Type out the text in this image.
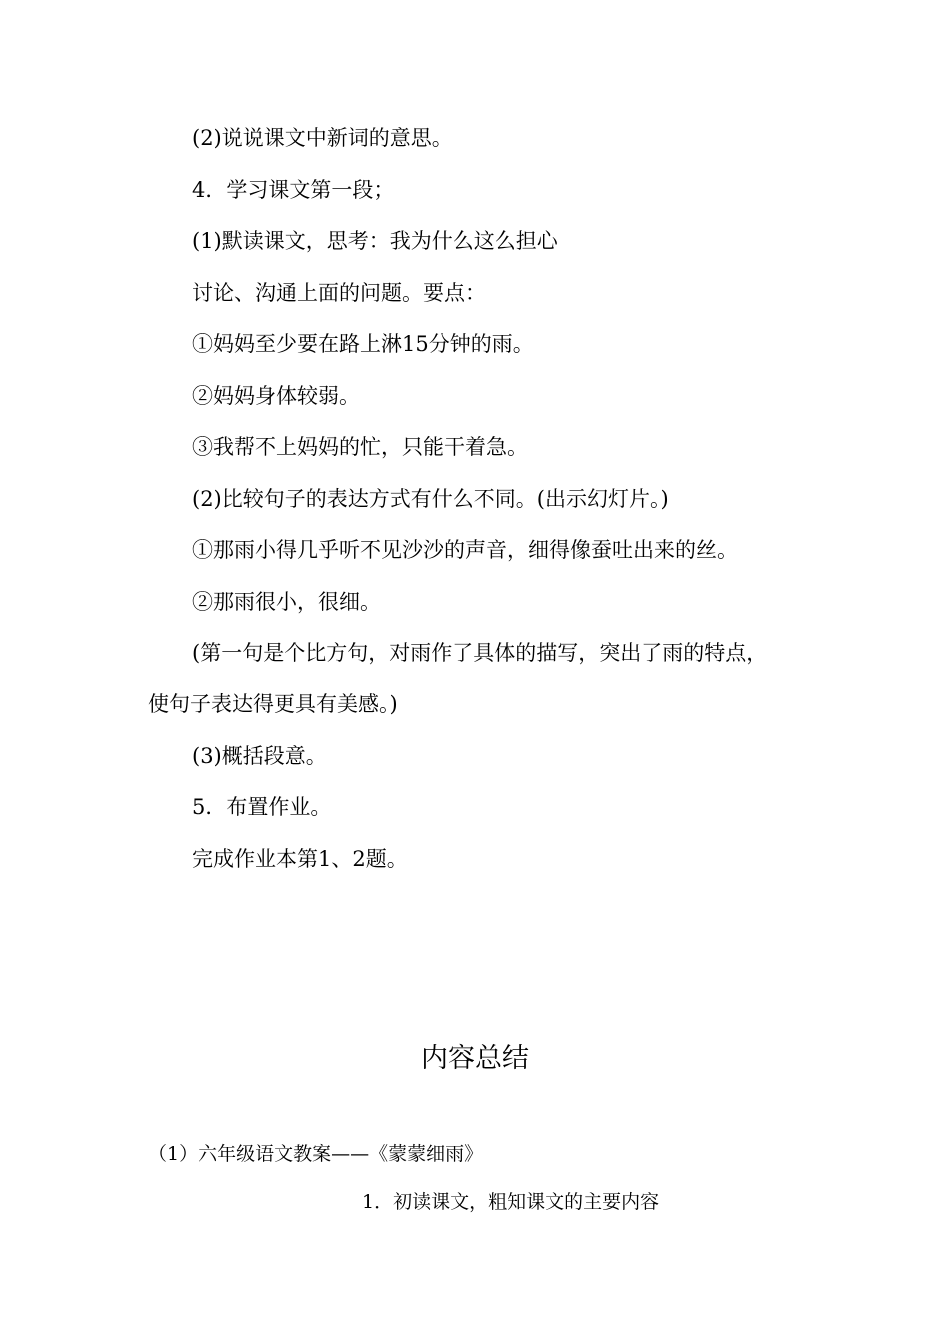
(2)说说课文中新词的意思。
4．学习课文第一段；
(1)默读课文，思考：我为什么这么担心
讨论、沟通上面的问题。要点：
①妈妈至少要在路上淋15分钟的雨。
②妈妈身体较弱。
③我帮不上妈妈的忙，只能干着急。
(2)比较句子的表达方式有什么不同。(出示幻灯片。)
①那雨小得几乎听不见沙沙的声音，细得像蚕吐出来的丝。
②那雨很小，很细。
(第一句是个比方句，对雨作了具体的描写，突出了雨的特点，
使句子表达得更具有美感。)
(3)概括段意。
5．布置作业。
完成作业本第1、2题。
内容总结
（1）六年级语文教案——《蒙蒙细雨》
1．初读课文，粗知课文的主要内容
